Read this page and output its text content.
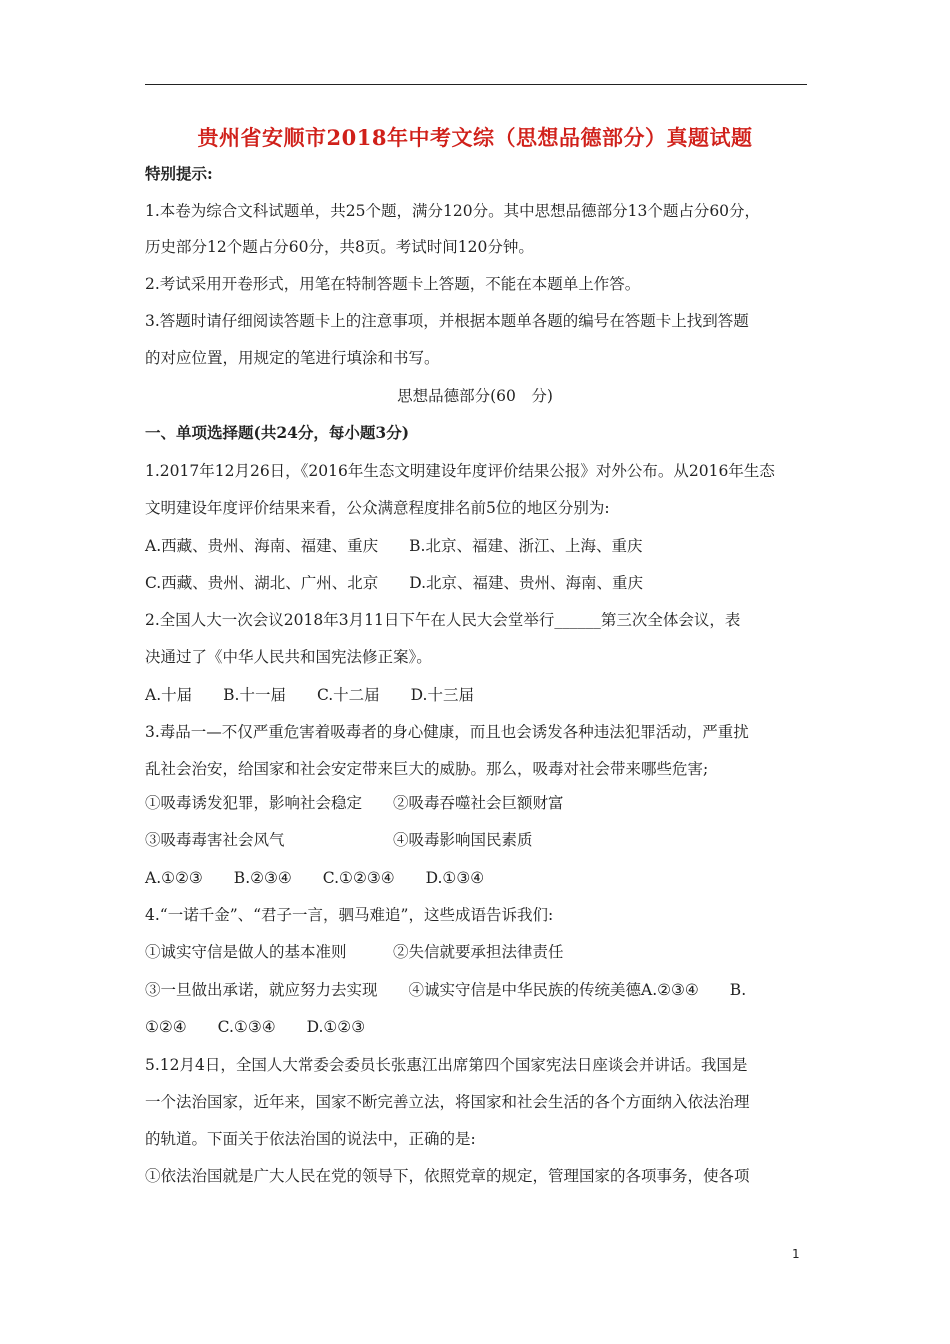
贵州省安顺市2018年中考文综（思想品德部分）真题试题
特别提示:
1.本卷为综合文科试题单，共25个题，满分120分。其中思想品德部分13个题占分60分，
历史部分12个题占分60分，共8页。考试时间120分钟。
2.考试采用开卷形式，用笔在特制答题卡上答题，不能在本题单上作答。
3.答题时请仔细阅读答题卡上的注意事项，并根据本题单各题的编号在答题卡上找到答题
的对应位置，用规定的笔进行填涂和书写。
思想品德部分(60　分)
一、单项选择题(共24分，每小题3分)
1.2017年12月26日，《2016年生态文明建设年度评价结果公报》对外公布。从2016年生态
文明建设年度评价结果来看，公众满意程度排名前5位的地区分别为:
A.西藏、贵州、海南、福建、重庆　　B.北京、福建、浙江、上海、重庆
C.西藏、贵州、湖北、广州、北京　　D.北京、福建、贵州、海南、重庆
2.全国人大一次会议2018年3月11日下午在人民大会堂举行______第三次全体会议，表
决通过了《中华人民共和国宪法修正案》。
A.十届　　B.十一届　　C.十二届　　D.十三届
3.毒品一—不仅严重危害着吸毒者的身心健康，而且也会诱发各种违法犯罪活动，严重扰
乱社会治安，给国家和社会安定带来巨大的威胁。那么，吸毒对社会带来哪些危害;
①吸毒诱发犯罪，影响社会稳定　　②吸毒吞噬社会巨额财富
③吸毒毒害社会风气　　　　　　　④吸毒影响国民素质
A.①②③　　B.②③④　　C.①②③④　　D.①③④
4.“一诺千金”、“君子一言，驷马难追”，这些成语告诉我们:
①诚实守信是做人的基本准则　　　②失信就要承担法律责任
③一旦做出承诺，就应努力去实现　　④诚实守信是中华民族的传统美德A.②③④　　B.
①②④　　C.①③④　　D.①②③
5.12月4日，全国人大常委会委员长张惠江出席第四个国家宪法日座谈会并讲话。我国是
一个法治国家，近年来，国家不断完善立法，将国家和社会生活的各个方面纳入依法治理
的轨道。下面关于依法治国的说法中，正确的是:
①依法治国就是广大人民在党的领导下，依照党章的规定，管理国家的各项事务，使各项
1
